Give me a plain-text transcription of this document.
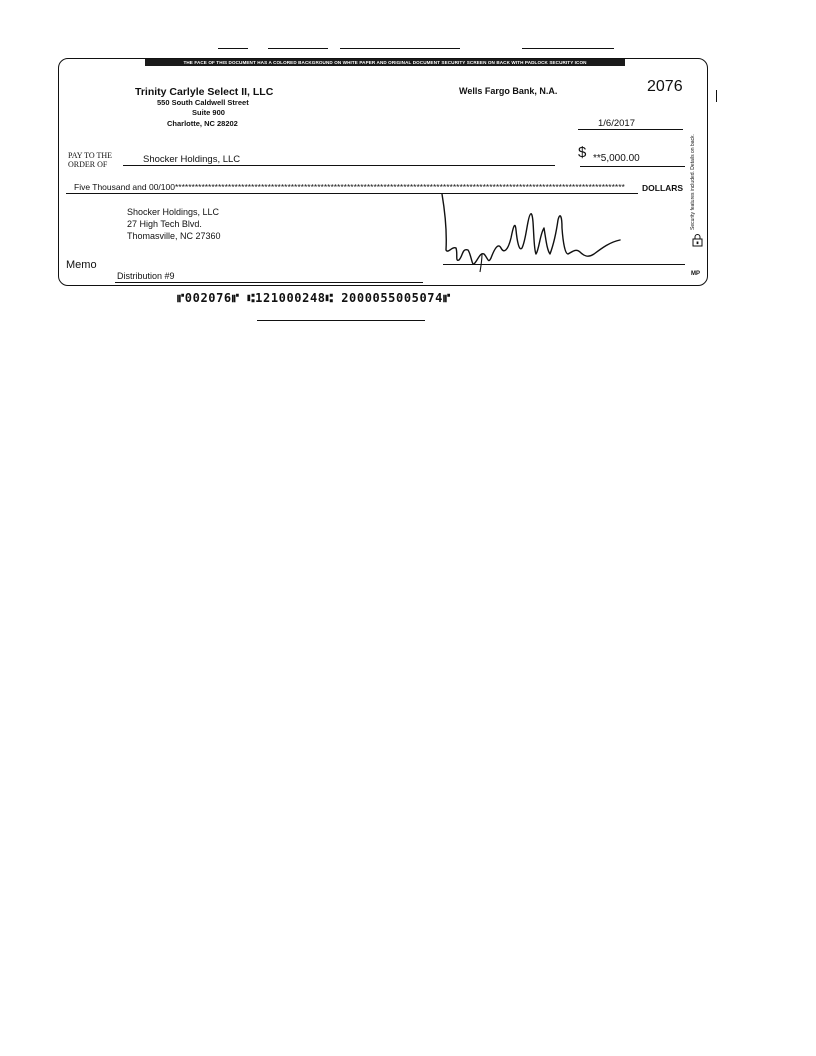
THE FACE OF THIS DOCUMENT HAS A COLORED BACKGROUND ON WHITE PAPER AND ORIGINAL DOCUMENT SECURITY SCREEN ON BACK WITH PADLOCK SECURITY ICON
Trinity Carlyle Select II, LLC
550 South Caldwell Street
Suite 900
Charlotte, NC 28202
Wells Fargo Bank, N.A.	2076
1/6/2017
PAY TO THE
ORDER OF	Shocker Holdings, LLC	$ **5,000.00
Five Thousand and 00/100****************************************************************************************************************************************	DOLLARS
Shocker Holdings, LLC
27 High Tech Blvd.
Thomasville, NC 27360
Memo
Distribution #9
Security features included. Details on back.
MP
⑈002076⑈ ⑆121000248⑆ 2000055005074⑈
